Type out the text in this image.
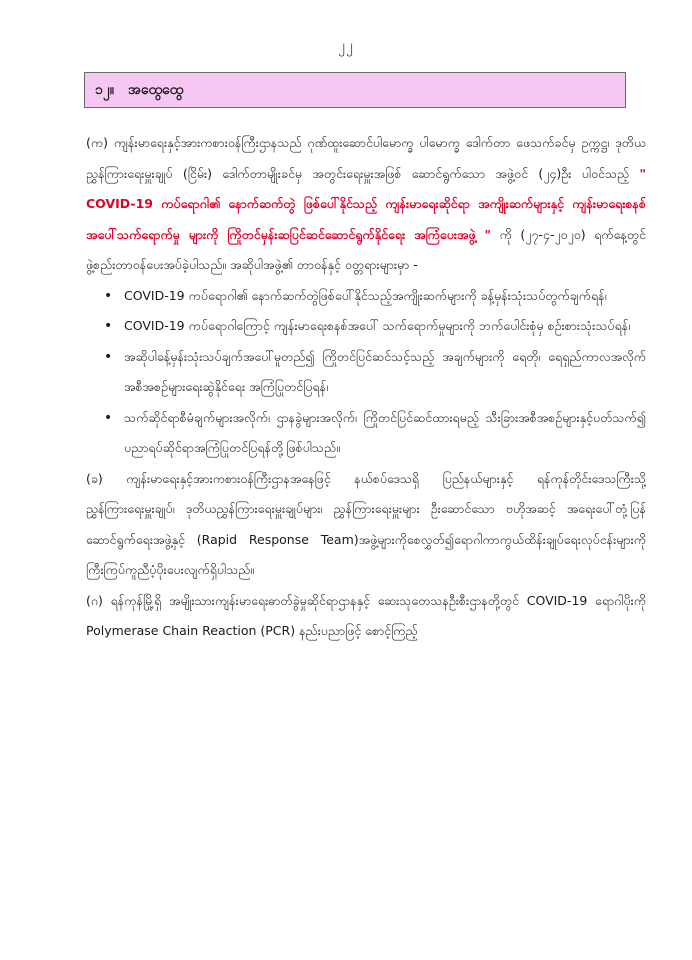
၂၂
၁၂။ အထွေထွေ

(က) ကျန်းမာရေးနှင့်အားကစားဝန်ကြီးဌာနသည် ဂုဏ်ထူးဆောင်ပါမောက္ခ ပါမောက္ခ ဒေါက်တာ ဖေသက်ခင်မှ ဥက္ကဋ္ဌ၊ ဒုတိယညွှန်ကြားရေးမှူးချုပ် (ငြိမ်း) ဒေါက်တာမျိုးခင်မှ အတွင်းရေးမှူးအဖြစ် ဆောင်ရွက်သော အဖွဲ့ဝင် (၂၄)ဦး ပါဝင်သည့် " COVID-19 ကပ်ရောဂါ၏ နောက်ဆက်တွဲ ဖြစ်ပေါ်နိုင်သည့် ကျန်းမာရေးဆိုင်ရာ အကျိုးဆက်များနှင့် ကျန်းမာရေးစနစ်အပေါ်သက်ရောက်မှု များကို ကြိုတင်မှန်းဆပြင်ဆင်ဆောင်ရွက်နိုင်ရေး အကြံပေးအဖွဲ့ " ကို (၂၇-၄-၂၀၂၀) ရက်နေ့တွင် ဖွဲ့စည်းတာဝန်ပေးအပ်ခဲ့ပါသည်။ အဆိုပါအဖွဲ့၏ တာဝန်နှင့် ဝတ္တရားများမှာ -

• COVID-19 ကပ်ရောဂါ၏ နောက်ဆက်တွဲဖြစ်ပေါ်နိုင်သည့်အကျိုးဆက်များကို ခန့်မှန်းသုံးသပ်တွက်ချက်ရန်၊
• COVID-19 ကပ်ရောဂါကြောင့် ကျန်းမာရေးစနစ်အပေါ် သက်ရောက်မှုများကို ဘက်ပေါင်းစုံမှ စဉ်းစားသုံးသပ်ရန်၊
• အဆိုပါခန့်မှန်းသုံးသပ်ချက်အပေါ်မူတည်၍ ကြိုတင်ပြင်ဆင်သင့်သည့် အချက်များကို ရေတို၊ ရေရှည်ကာလအလိုက် အစီအစဉ်များရေးဆွဲနိုင်ရေး အကြံပြုတင်ပြရန်၊
• သက်ဆိုင်ရာစီမံချက်များအလိုက်၊ ဌာနခွဲများအလိုက်၊ ကြိုတင်ပြင်ဆင်ထားရမည့် သီးခြားအစီအစဉ်များနှင့်ပတ်သက်၍ ပညာရပ်ဆိုင်ရာအကြံပြုတင်ပြရန်တို့ဖြစ်ပါသည်။

(ခ) ကျန်းမာရေးနှင့်အားကစားဝန်ကြီးဌာနအနေဖြင့် နယ်စပ်ဒေသရှိ ပြည်နယ်များနှင့် ရန်ကုန်တိုင်းဒေသကြီးသို့ ညွှန်ကြားရေးမှူးချုပ်၊ ဒုတိယညွှန်ကြားရေးမှူးချုပ်များ၊ ညွှန်ကြားရေးမှူးများ ဦးဆောင်သော ဗဟိုအဆင့် အရေးပေါ်တုံ့ပြန်ဆောင်ရွက်ရေးအဖွဲ့နှင့် (Rapid Response Team)အဖွဲ့များကိုစေလွှတ်၍ရောဂါကာကွယ်ထိန်းချုပ်ရေးလုပ်ငန်းများကို ကြီးကြပ်ကူညီပံ့ပိုးပေးလျက်ရှိပါသည်။

(ဂ) ရန်ကုန်မြို့ရှိ အမျိုးသားကျန်းမာရေးဓာတ်ခွဲမှုဆိုင်ရာဌာနနှင့် ဆေးသုတေသနဦးစီးဌာနတို့တွင် COVID-19 ရောဂါပိုးကို Polymerase Chain Reaction (PCR) နည်းပညာဖြင့် စောင့်ကြည့်
